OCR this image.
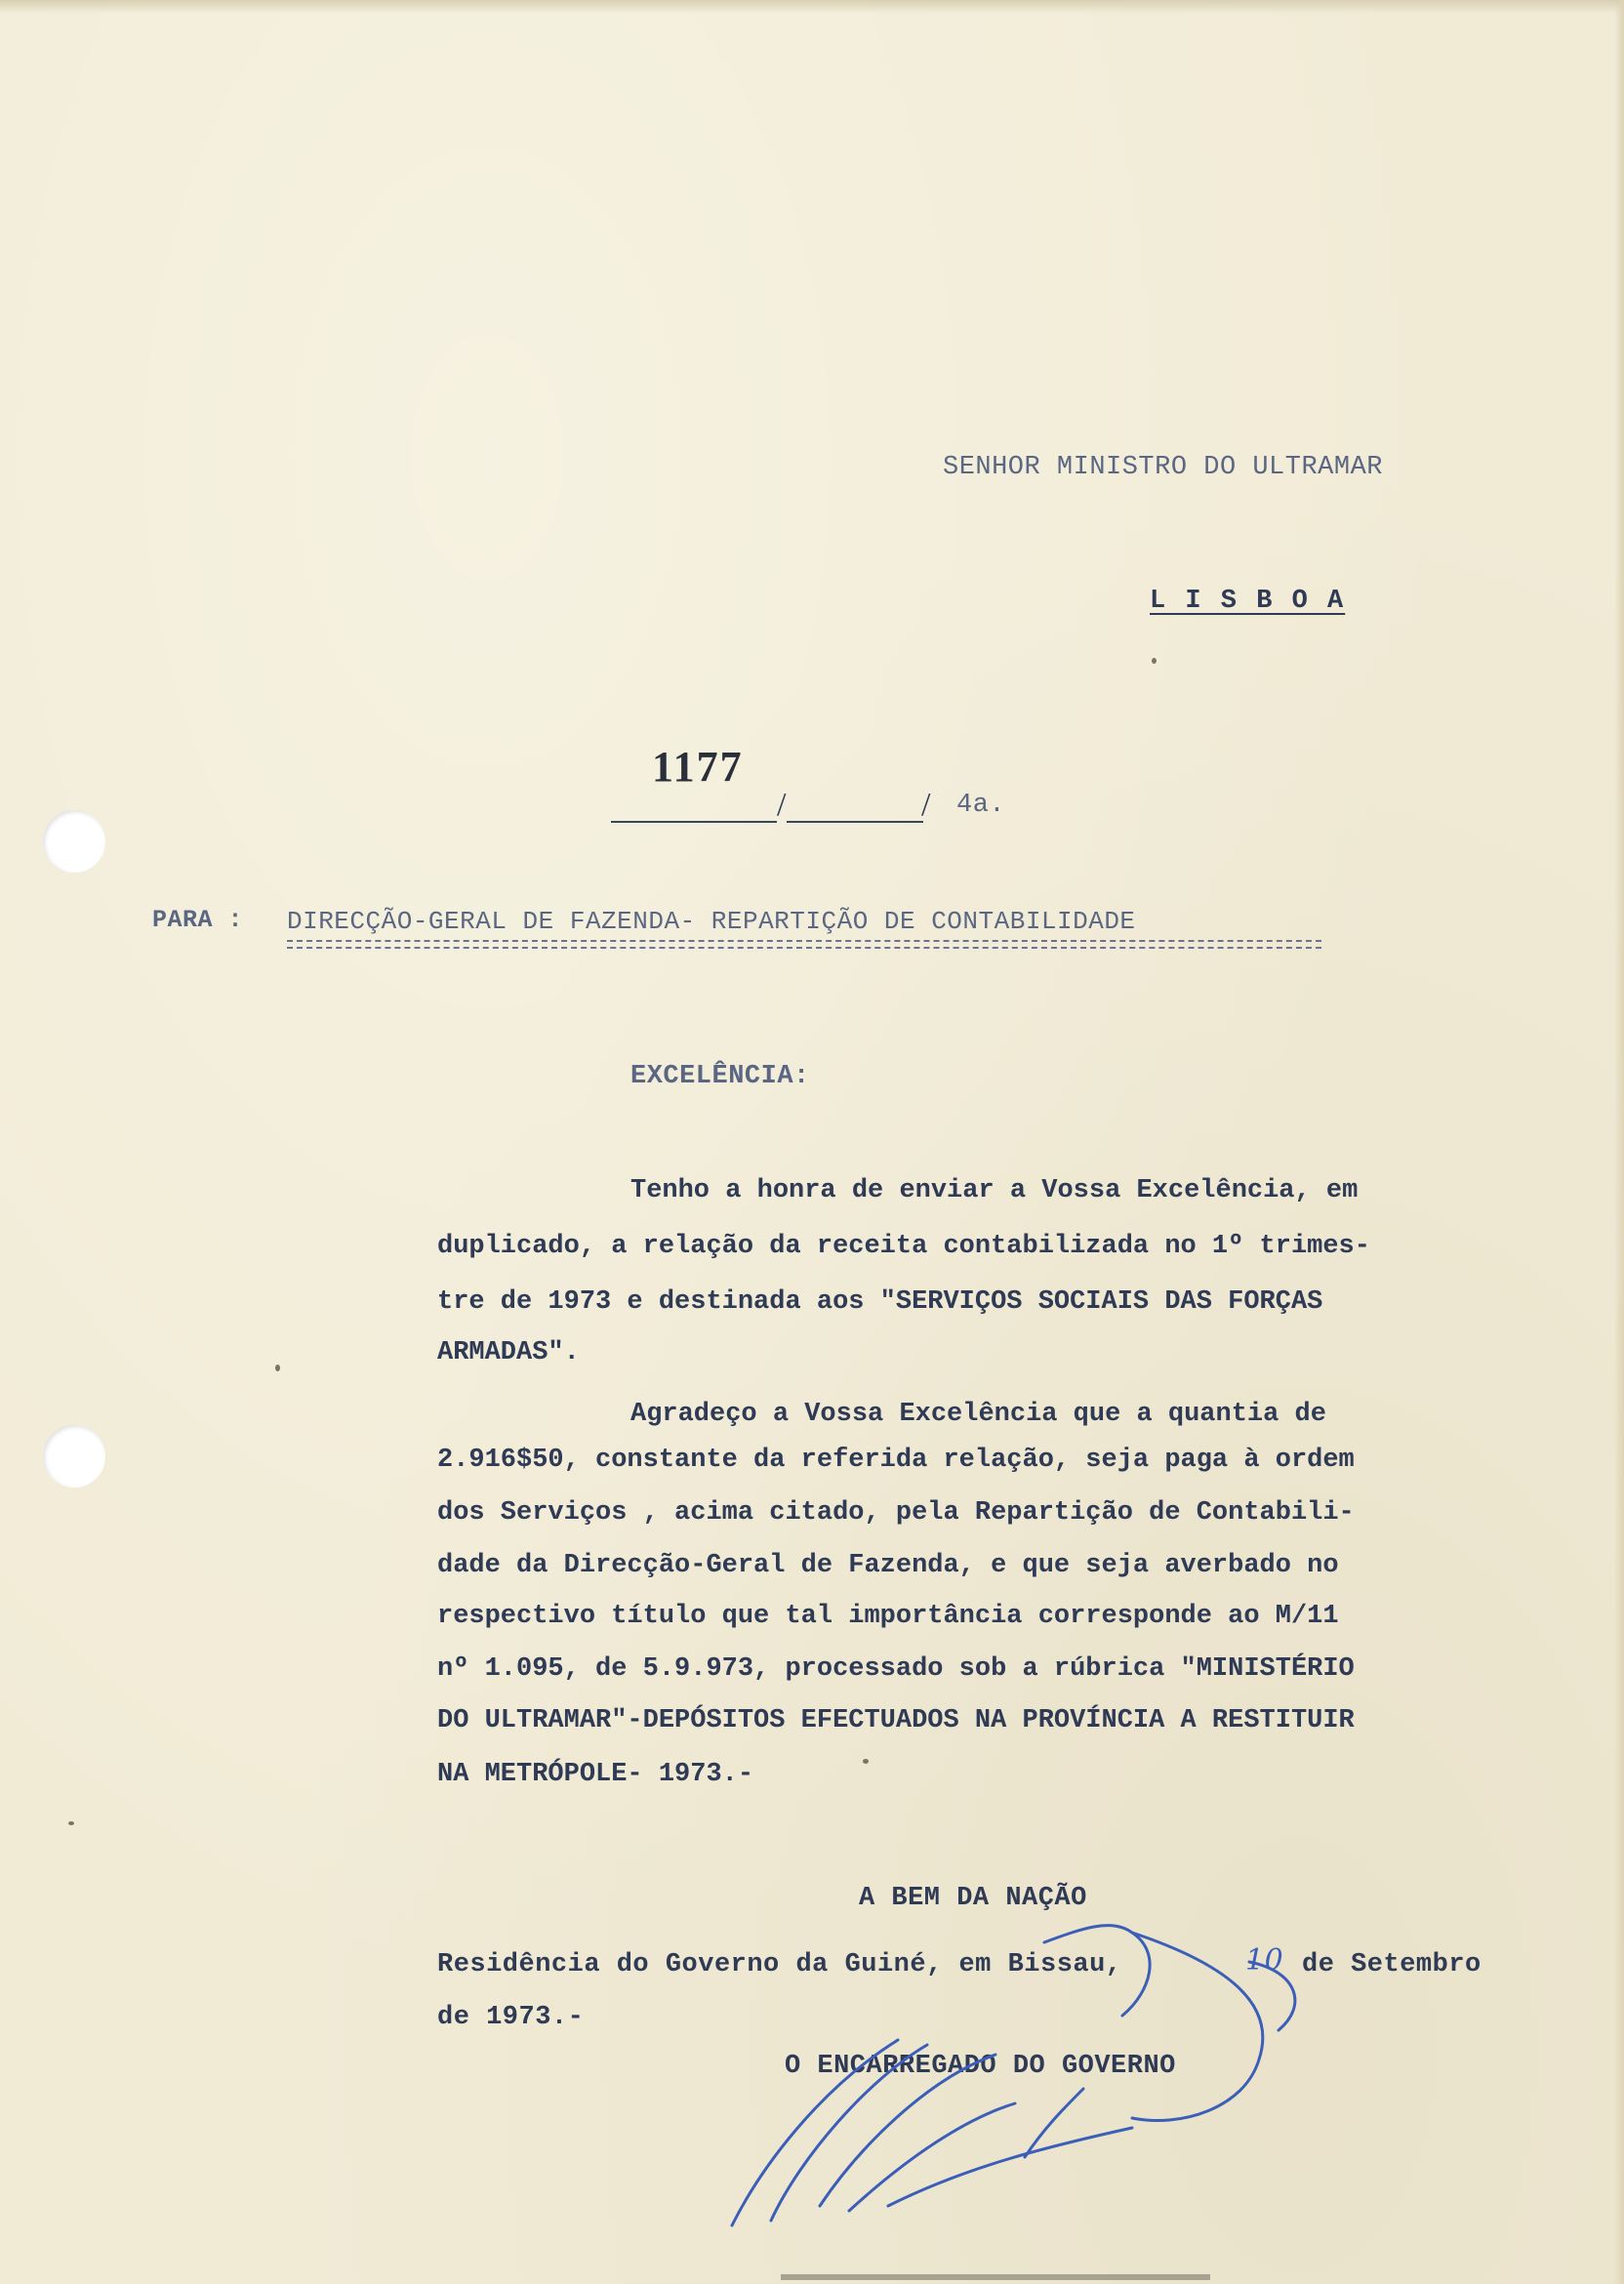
SENHOR MINISTRO DO ULTRAMAR
L I S B O A
1177
/	/ 4a.
PARA : DIRECÇÃO-GERAL DE FAZENDA- REPARTIÇÃO DE CONTABILIDADE
EXCELÊNCIA:
Tenho a honra de enviar a Vossa Excelência, em
duplicado, a relação da receita contabilizada no 1º trimes-
tre de 1973 e destinada aos "SERVIÇOS SOCIAIS DAS FORÇAS
ARMADAS".
Agradeço a Vossa Excelência que a quantia de
2.916$50, constante da referida relação, seja paga à ordem
dos Serviços , acima citado, pela Repartição de Contabili-
dade da Direcção-Geral de Fazenda, e que seja averbado no
respectivo título que tal importância corresponde ao M/11
nº 1.095, de 5.9.973, processado sob a rúbrica "MINISTÉRIO
DO ULTRAMAR"-DEPÓSITOS EFECTUADOS NA PROVÍNCIA A RESTITUIR
NA METRÓPOLE- 1973.-
A BEM DA NAÇÃO
Residência do Governo da Guiné, em Bissau,	10 de Setembro
de 1973.-
O ENCARREGADO DO GOVERNO
